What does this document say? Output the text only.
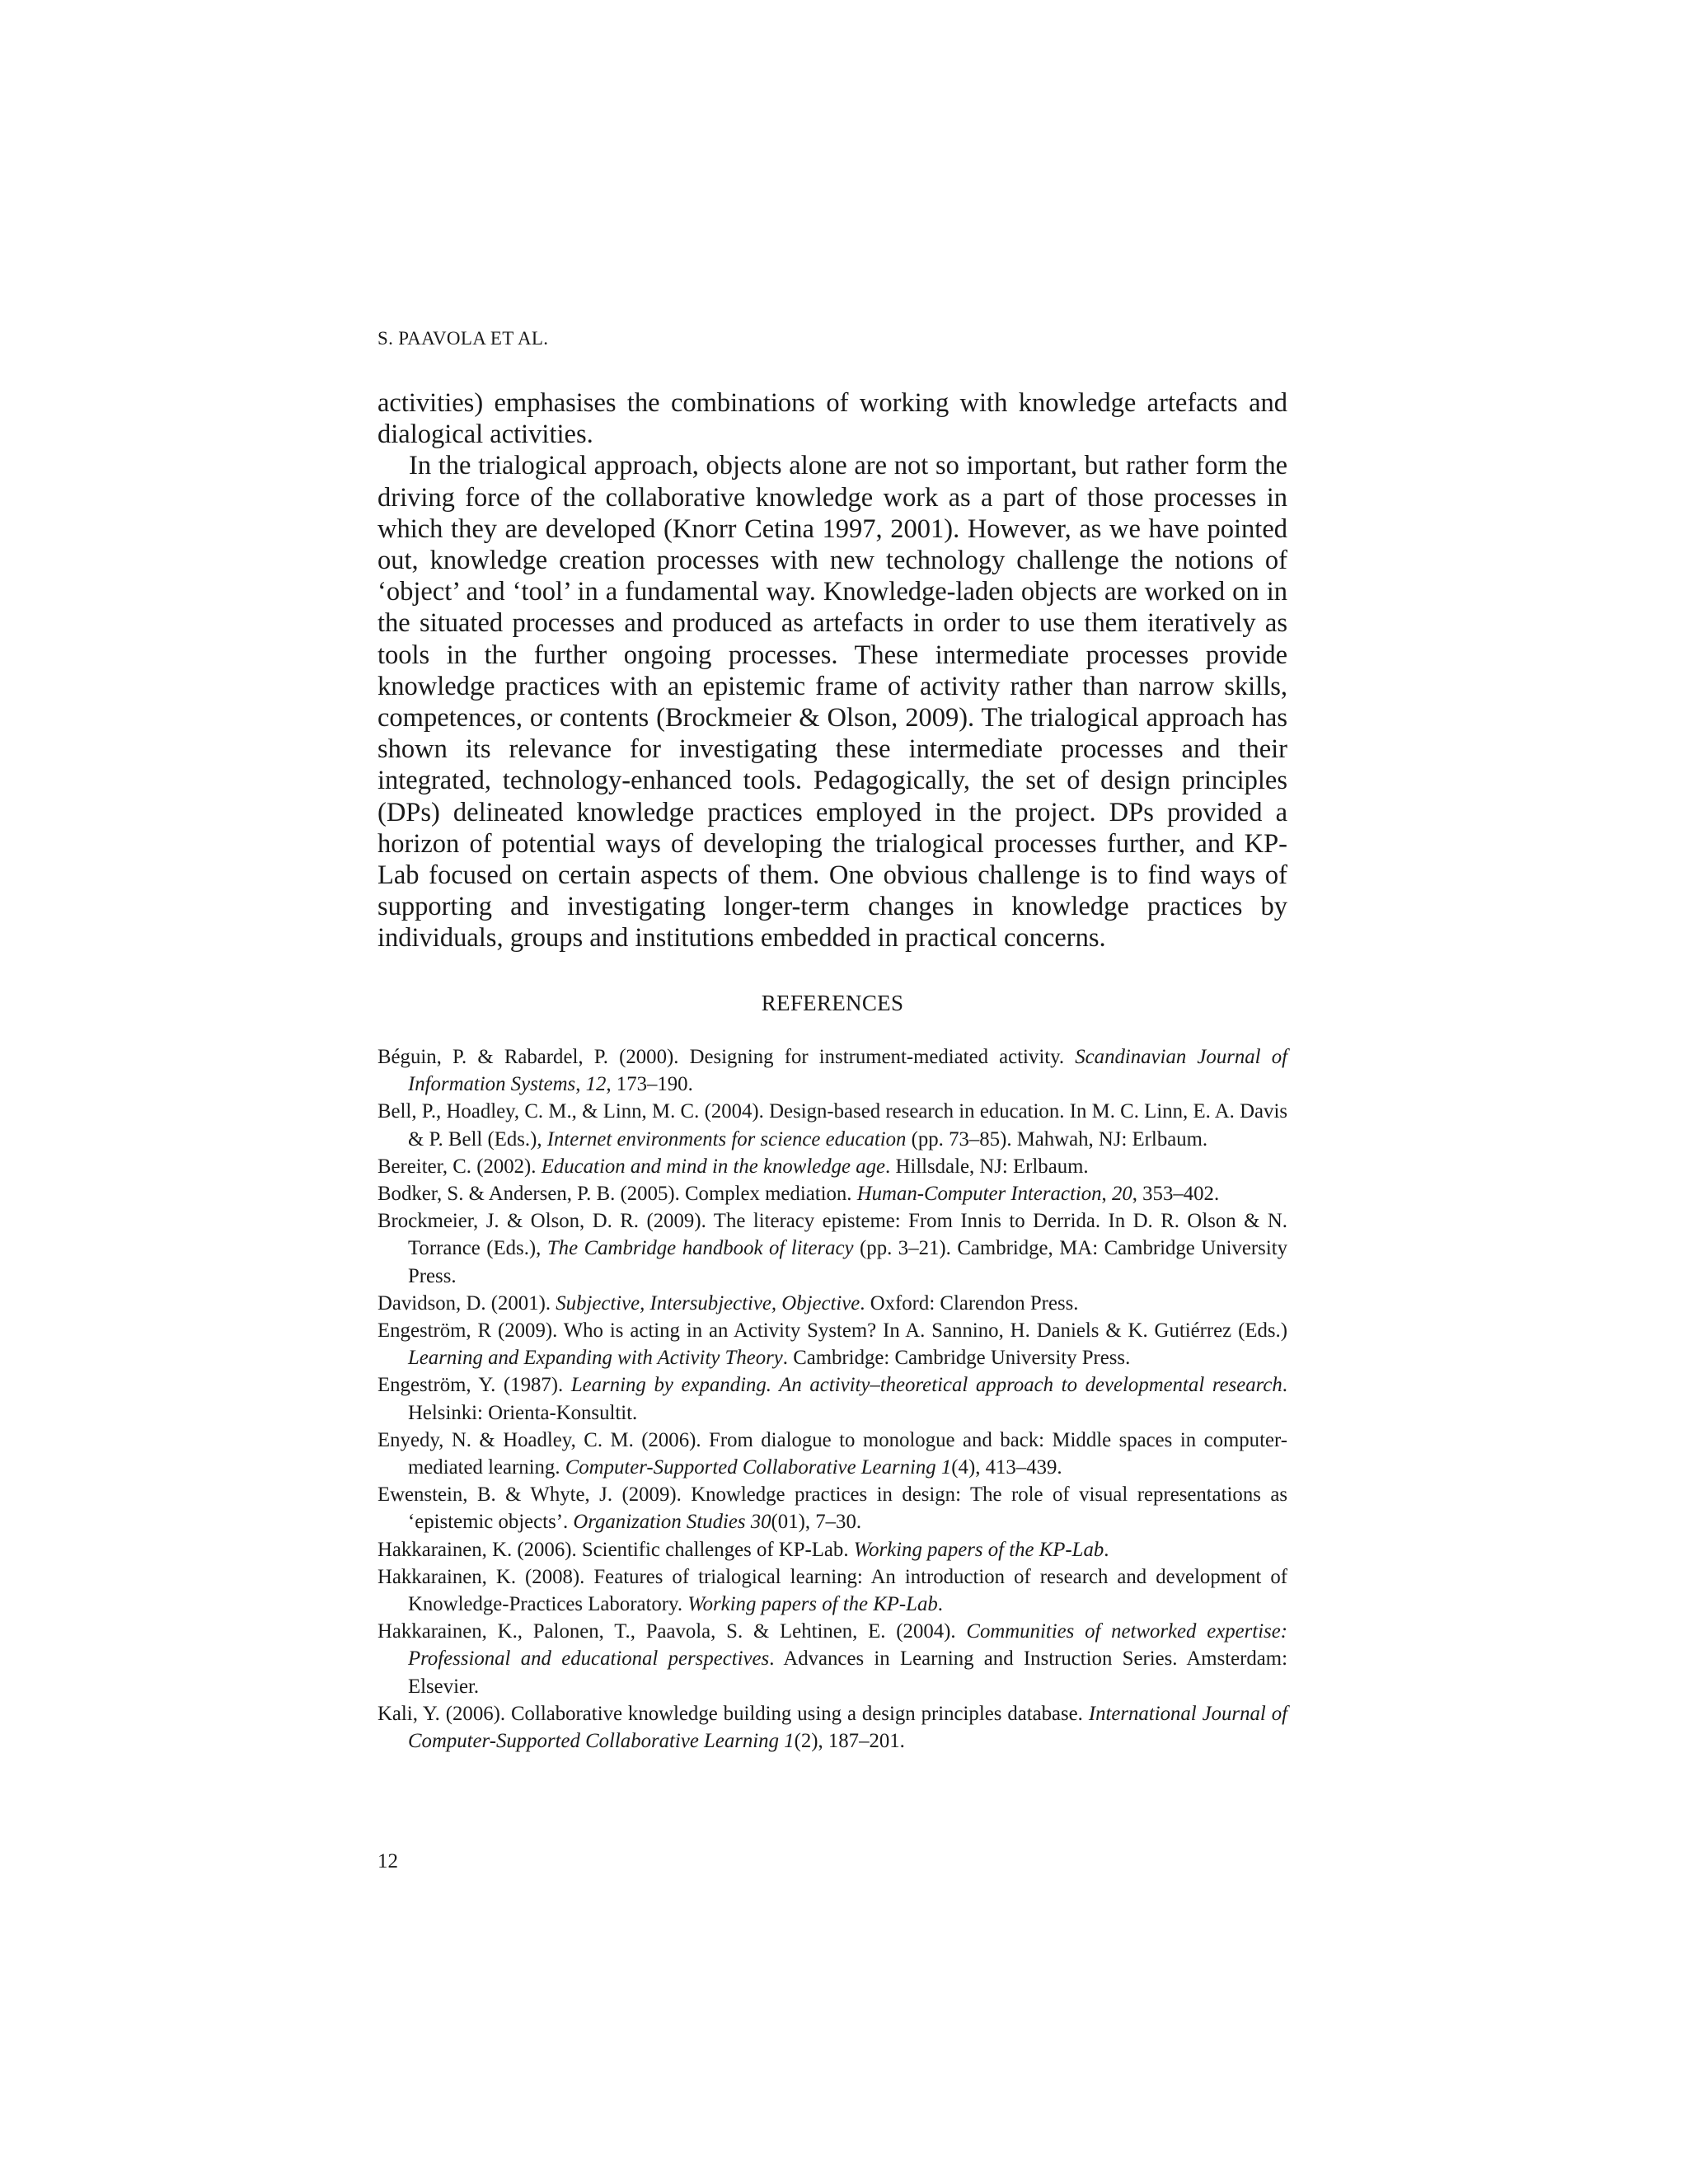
S. PAAVOLA ET AL.

activities) emphasises the combinations of working with knowledge artefacts and dialogical activities.

In the trialogical approach, objects alone are not so important, but rather form the driving force of the collaborative knowledge work as a part of those processes in which they are developed (Knorr Cetina 1997, 2001). However, as we have pointed out, knowledge creation processes with new technology challenge the notions of ‘object’ and ‘tool’ in a fundamental way. Knowledge-laden objects are worked on in the situated processes and produced as artefacts in order to use them iteratively as tools in the further ongoing processes. These intermediate processes provide knowledge practices with an epistemic frame of activity rather than narrow skills, competences, or contents (Brockmeier & Olson, 2009). The trialogical approach has shown its relevance for investigating these intermediate processes and their integrated, technology-enhanced tools. Pedagogically, the set of design principles (DPs) delineated knowledge practices employed in the project. DPs provided a horizon of potential ways of developing the trialogical processes further, and KP-Lab focused on certain aspects of them. One obvious challenge is to find ways of supporting and investigating longer-term changes in knowledge practices by individuals, groups and institutions embedded in practical concerns.

REFERENCES
Béguin, P. & Rabardel, P. (2000). Designing for instrument-mediated activity. Scandinavian Journal of Information Systems, 12, 173–190.
Bell, P., Hoadley, C. M., & Linn, M. C. (2004). Design-based research in education. In M. C. Linn, E. A. Davis & P. Bell (Eds.), Internet environments for science education (pp. 73–85). Mahwah, NJ: Erlbaum.
Bereiter, C. (2002). Education and mind in the knowledge age. Hillsdale, NJ: Erlbaum.
Bodker, S. & Andersen, P. B. (2005). Complex mediation. Human-Computer Interaction, 20, 353–402.
Brockmeier, J. & Olson, D. R. (2009). The literacy episteme: From Innis to Derrida. In D. R. Olson & N. Torrance (Eds.), The Cambridge handbook of literacy (pp. 3–21). Cambridge, MA: Cambridge University Press.
Davidson, D. (2001). Subjective, Intersubjective, Objective. Oxford: Clarendon Press.
Engeström, R (2009). Who is acting in an Activity System? In A. Sannino, H. Daniels & K. Gutiérrez (Eds.) Learning and Expanding with Activity Theory. Cambridge: Cambridge University Press.
Engeström, Y. (1987). Learning by expanding. An activity–theoretical approach to developmental research. Helsinki: Orienta-Konsultit.
Enyedy, N. & Hoadley, C. M. (2006). From dialogue to monologue and back: Middle spaces in computer-mediated learning. Computer-Supported Collaborative Learning 1(4), 413–439.
Ewenstein, B. & Whyte, J. (2009). Knowledge practices in design: The role of visual representations as ‘epistemic objects’. Organization Studies 30(01), 7–30.
Hakkarainen, K. (2006). Scientific challenges of KP-Lab. Working papers of the KP-Lab.
Hakkarainen, K. (2008). Features of trialogical learning: An introduction of research and development of Knowledge-Practices Laboratory. Working papers of the KP-Lab.
Hakkarainen, K., Palonen, T., Paavola, S. & Lehtinen, E. (2004). Communities of networked expertise: Professional and educational perspectives. Advances in Learning and Instruction Series. Amsterdam: Elsevier.
Kali, Y. (2006). Collaborative knowledge building using a design principles database. International Journal of Computer-Supported Collaborative Learning 1(2), 187–201.
12
